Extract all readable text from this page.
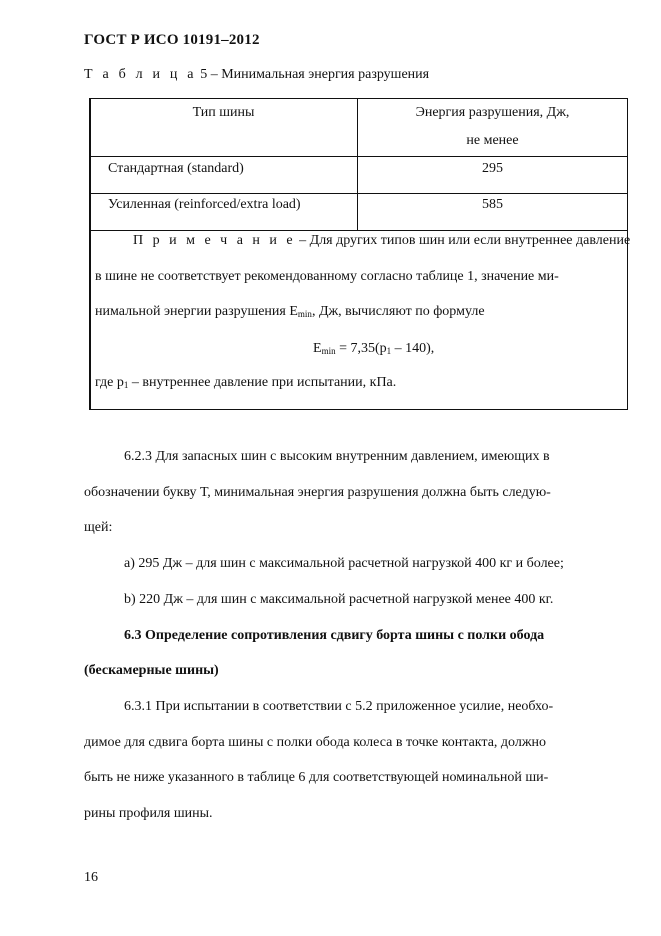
ГОСТ Р ИСО 10191–2012
Т а б л и ц а 5 – Минимальная энергия разрушения
Тип шины	Энергия разрушения, Дж,
не менее
Стандартная (standard)	295
Усиленная (reinforced/extra load)	585
П р и м е ч а н и е – Для других типов шин или если внутреннее давление
в шине не соответствует рекомендованному согласно таблице 1, значение ми-
нимальной энергии разрушения $E_{min}$, Дж, вычисляют по формуле
$E_{min} = 7,35(p_1 - 140)$,
где $p_1$ – внутреннее давление при испытании, кПа.
6.2.3 Для запасных шин с высоким внутренним давлением, имеющих в
обозначении букву Т, минимальная энергия разрушения должна быть следую-
щей:
a) 295 Дж – для шин с максимальной расчетной нагрузкой 400 кг и более;
b) 220 Дж – для шин с максимальной расчетной нагрузкой менее 400 кг.
6.3 Определение сопротивления сдвигу борта шины с полки обода
(бескамерные шины)
6.3.1 При испытании в соответствии с 5.2 приложенное усилие, необхо-
димое для сдвига борта шины с полки обода колеса в точке контакта, должно
быть не ниже указанного в таблице 6 для соответствующей номинальной ши-
рины профиля шины.
16
